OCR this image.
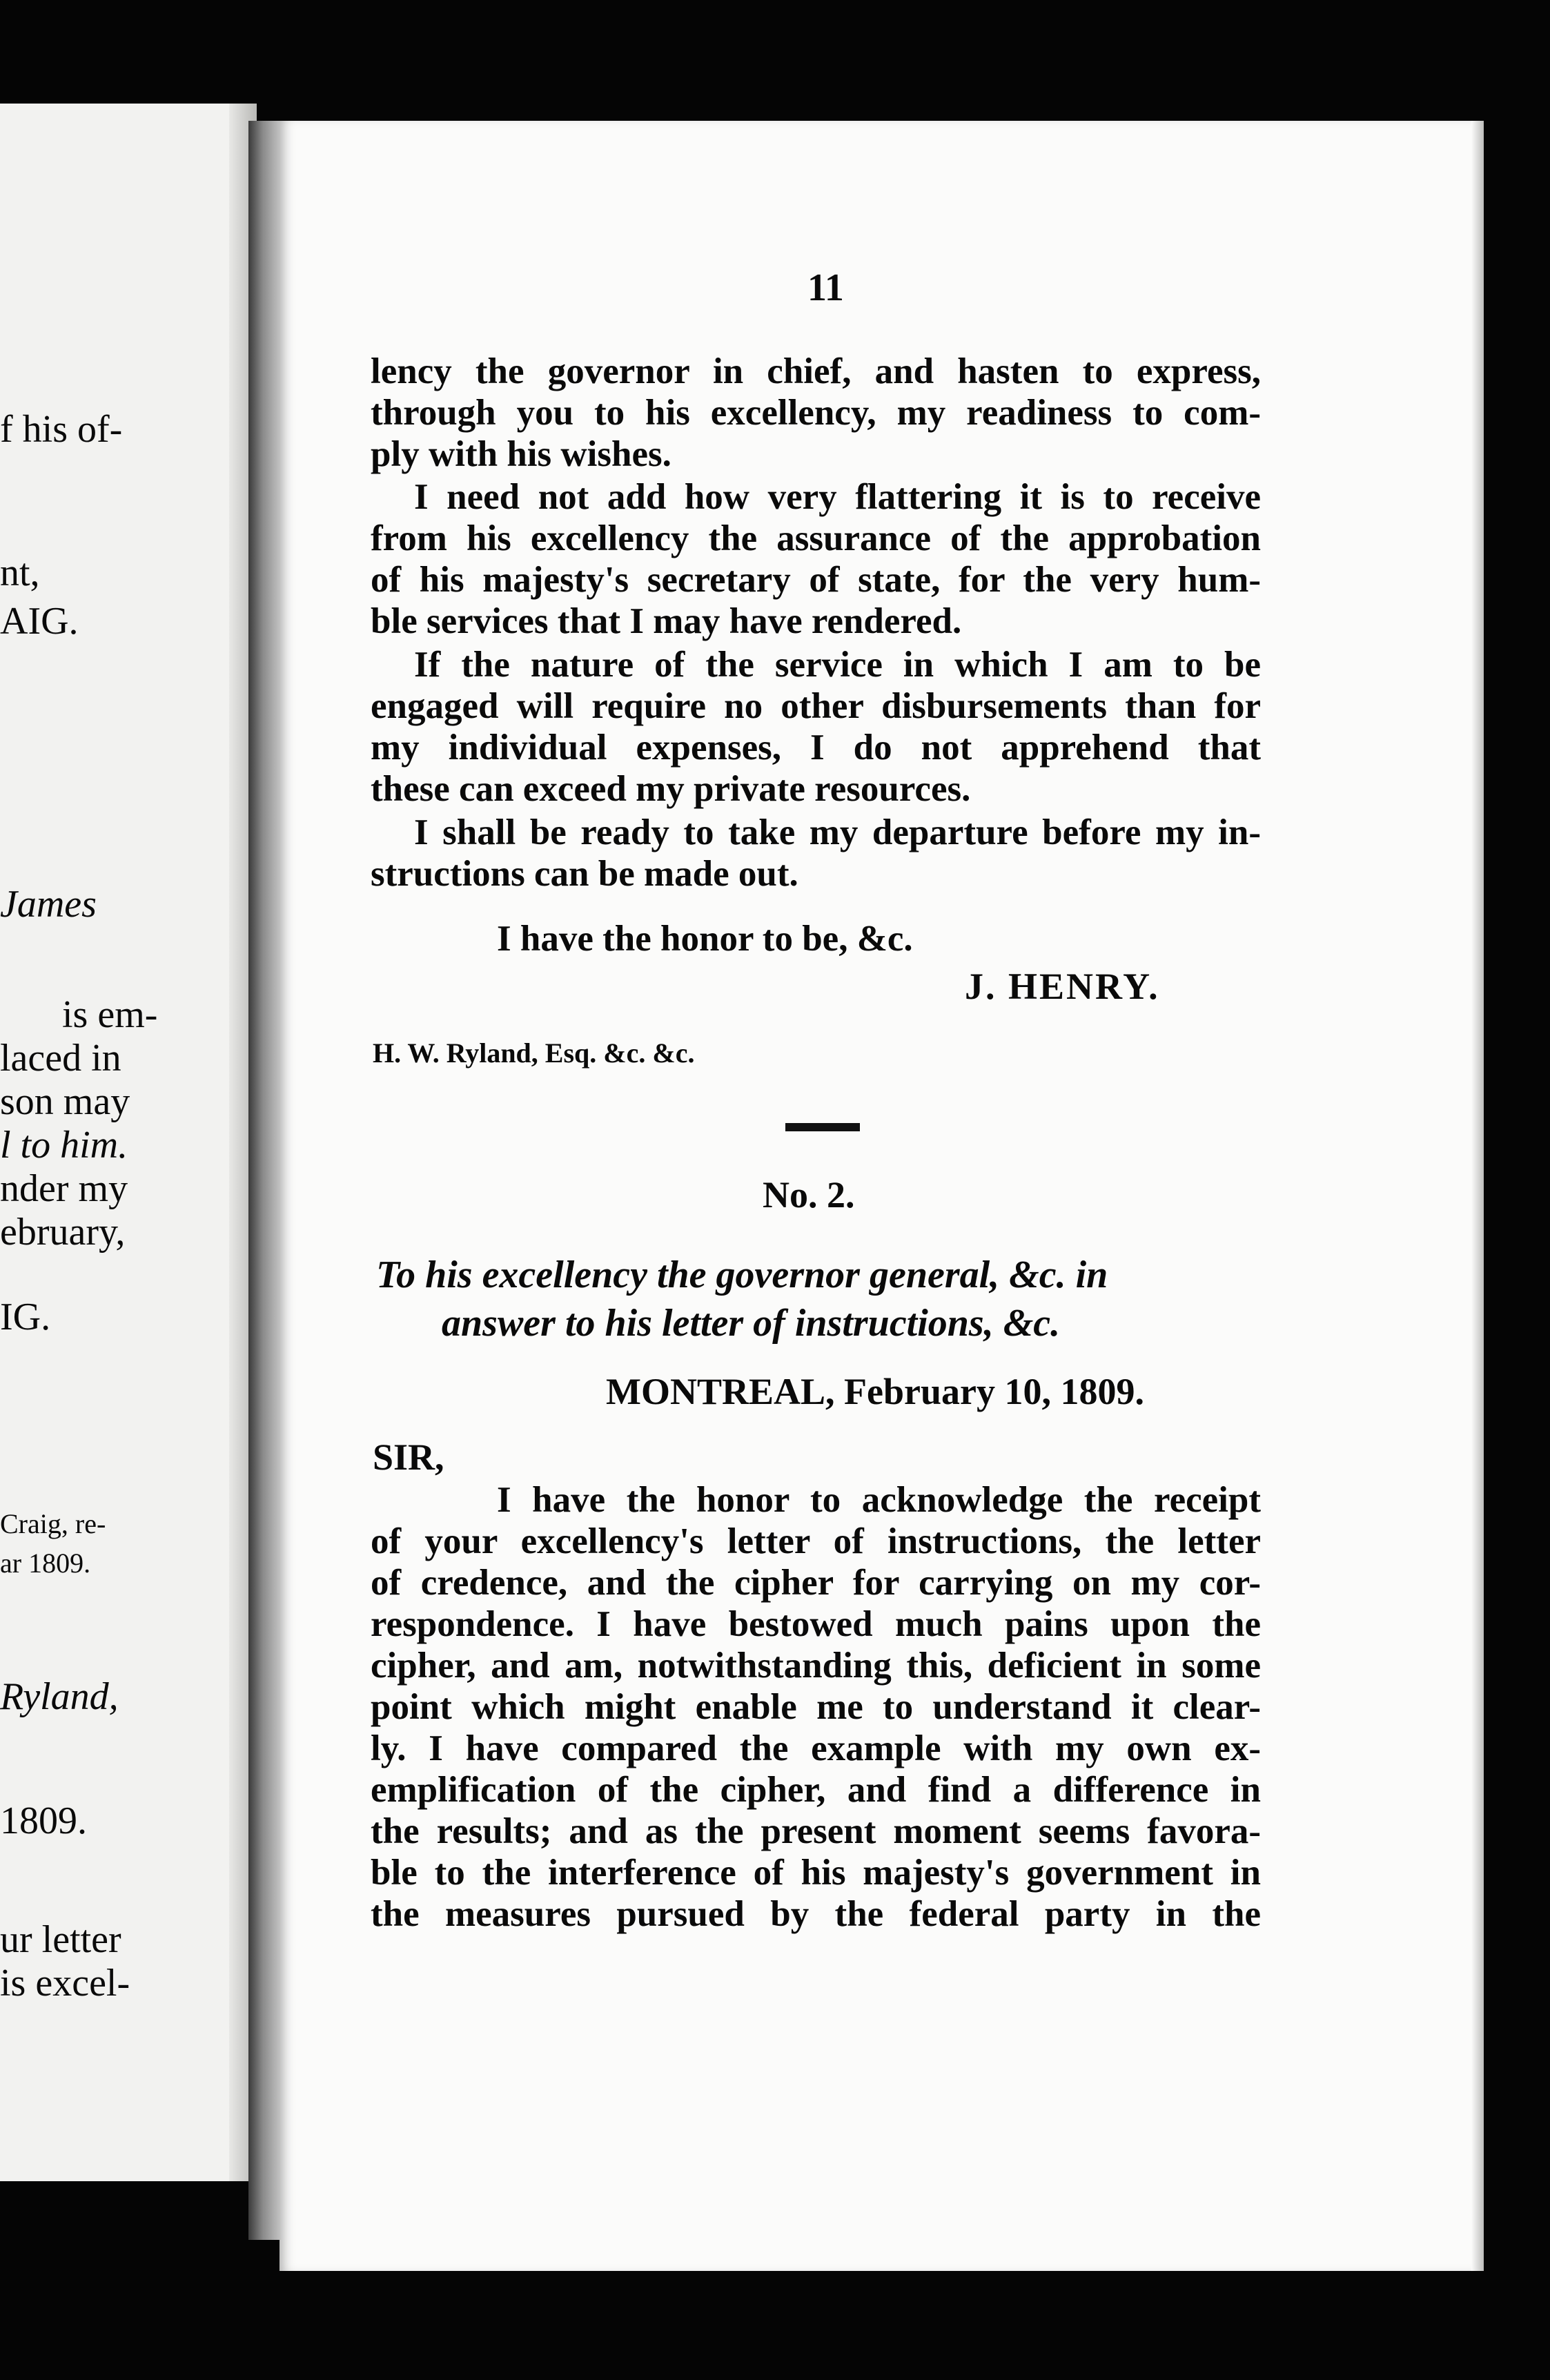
f his of-
nt,
AIG.
James
is em-
laced in
son may
l to him.
nder my
ebruary,
IG.
Craig, re-
ar 1809.
Ryland,
1809.
ur letter
is excel-
11
lency the governor in chief, and hasten to express,
through you to his excellency, my readiness to com-
ply with his wishes.
I need not add how very flattering it is to receive
from his excellency the assurance of the approbation
of his majesty's secretary of state, for the very hum-
ble services that I may have rendered.
If the nature of the service in which I am to be
engaged will require no other disbursements than for
my individual expenses, I do not apprehend that
these can exceed my private resources.
I shall be ready to take my departure before my in-
structions can be made out.
I have the honor to be, &c.
J. HENRY.
H. W. Ryland, Esq. &c. &c.
No. 2.
To his excellency the governor general, &c. in
answer to his letter of instructions, &c.
MONTREAL, February 10, 1809.
SIR,
I have the honor to acknowledge the receipt
of your excellency's letter of instructions, the letter
of credence, and the cipher for carrying on my cor-
respondence. I have bestowed much pains upon the
cipher, and am, notwithstanding this, deficient in some
point which might enable me to understand it clear-
ly. I have compared the example with my own ex-
emplification of the cipher, and find a difference in
the results; and as the present moment seems favora-
ble to the interference of his majesty's government in
the measures pursued by the federal party in the
